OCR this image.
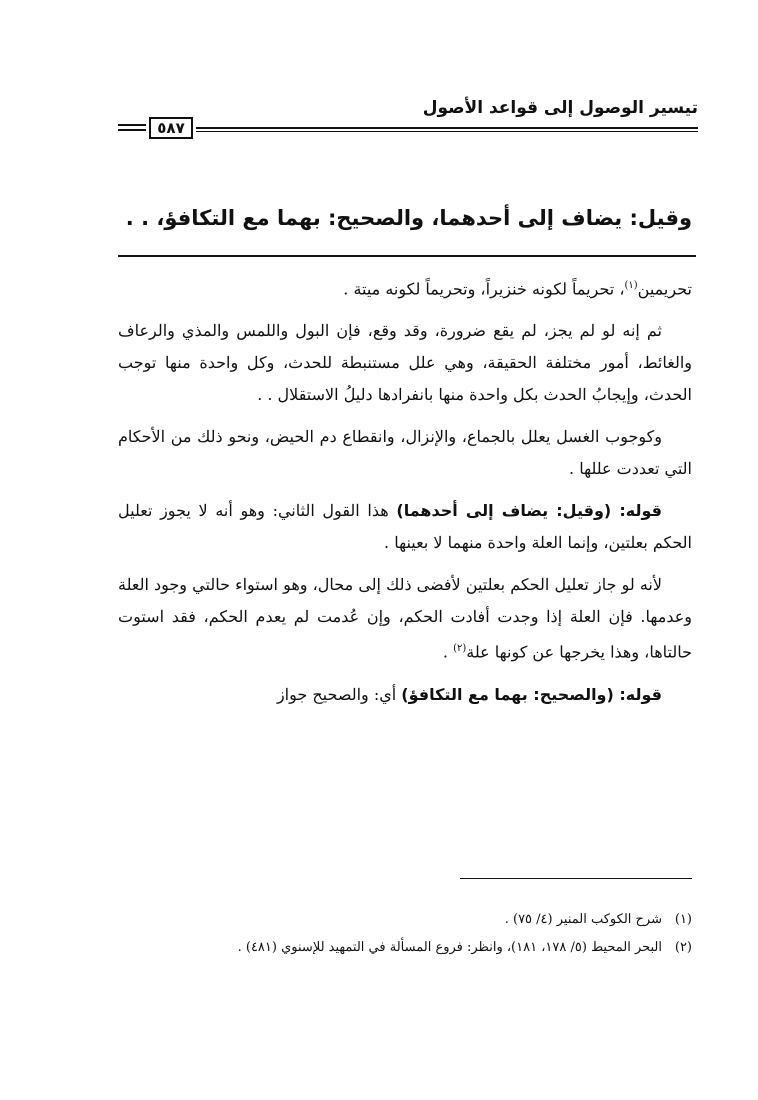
تيسير الوصول إلى قواعد الأصول
٥٨٧
وقيل: يضاف إلى أحدهما، والصحيح: بهما مع التكافؤ، . .

تحريمين$^{(١)}$، تحريماً لكونه خنزيراً، وتحريماً لكونه ميتة .

ثم إنه لو لم يجز، لم يقع ضرورة، وقد وقع، فإن البول واللمس والمذي والرعاف والغائط، أمور مختلفة الحقيقة، وهي علل مستنبطة للحدث، وكل واحدة منها توجب الحدث، وإيجابُ الحدث بكل واحدة منها بانفرادها دليلُ الاستقلال . .

وكوجوب الغسل يعلل بالجماع، والإنزال، وانقطاع دم الحيض، ونحو ذلك من الأحكام التي تعددت عللها .

قوله: (وقيل: يضاف إلى أحدهما) هذا القول الثاني: وهو أنه لا يجوز تعليل الحكم بعلتين، وإنما العلة واحدة منهما لا بعينها .

لأنه لو جاز تعليل الحكم بعلتين لأفضى ذلك إلى محال، وهو استواء حالتي وجود العلة وعدمها. فإن العلة إذا وجدت أفادت الحكم، وإن عُدمت لم يعدم الحكم، فقد استوت حالتاها، وهذا يخرجها عن كونها علة$^{(٢)}$ .

قوله: (والصحيح: بهما مع التكافؤ) أي: والصحيح جواز

(١)
شرح الكوكب المنير (٤/ ٧٥) .
(٢)
البحر المحيط (٥/ ١٧٨، ١٨١)، وانظر: فروع المسألة في التمهيد للإسنوي (٤٨١) .
